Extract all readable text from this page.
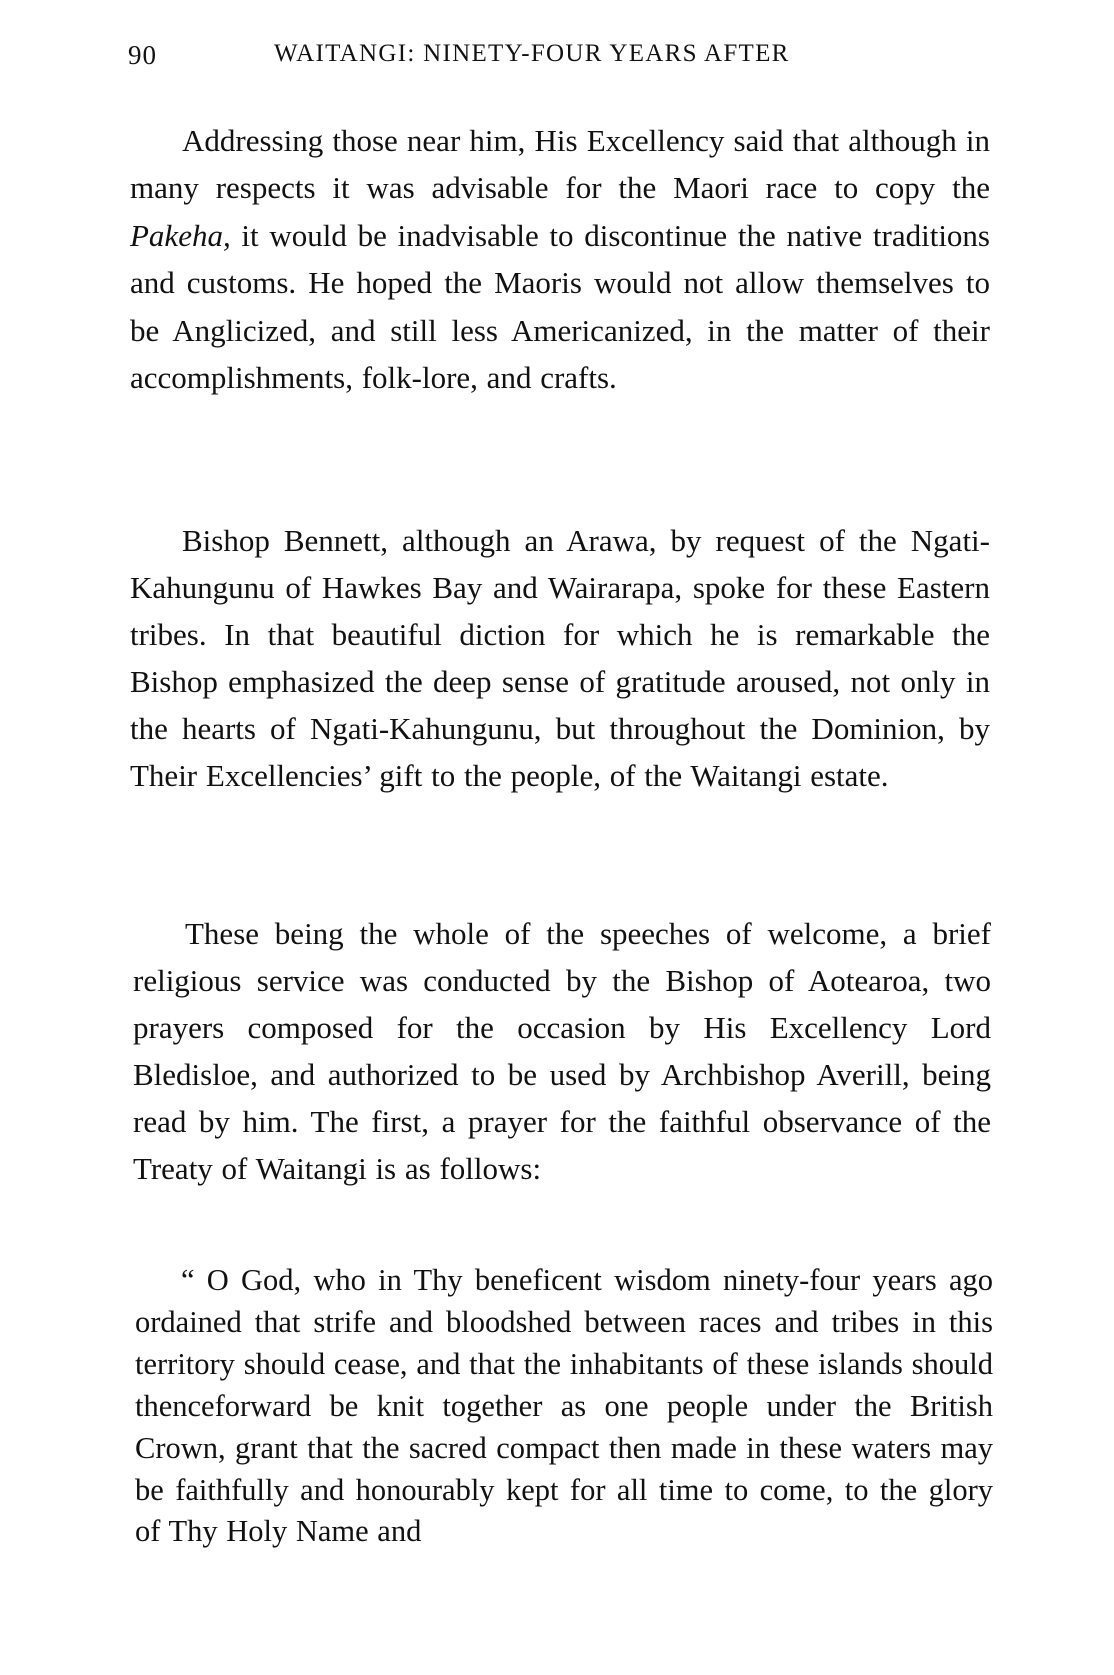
90	WAITANGI: NINETY-FOUR YEARS AFTER

Addressing those near him, His Excellency said that although in many respects it was advisable for the Maori race to copy the Pakeha, it would be inadvisable to discontinue the native traditions and customs. He hoped the Maoris would not allow themselves to be Anglicized, and still less Americanized, in the matter of their accomplishments, folk-lore, and crafts.

Bishop Bennett, although an Arawa, by request of the Ngati-Kahungunu of Hawkes Bay and Wairarapa, spoke for these Eastern tribes. In that beautiful diction for which he is remarkable the Bishop emphasized the deep sense of gratitude aroused, not only in the hearts of Ngati-Kahungunu, but throughout the Dominion, by Their Excellencies’ gift to the people, of the Waitangi estate.

These being the whole of the speeches of welcome, a brief religious service was conducted by the Bishop of Aotearoa, two prayers composed for the occasion by His Excellency Lord Bledisloe, and authorized to be used by Archbishop Averill, being read by him. The first, a prayer for the faithful observance of the Treaty of Waitangi is as follows:

“ O God, who in Thy beneficent wisdom ninety-four years ago ordained that strife and bloodshed between races and tribes in this territory should cease, and that the inhabitants of these islands should thenceforward be knit together as one people under the British Crown, grant that the sacred compact then made in these waters may be faithfully and honourably kept for all time to come, to the glory of Thy Holy Name and
